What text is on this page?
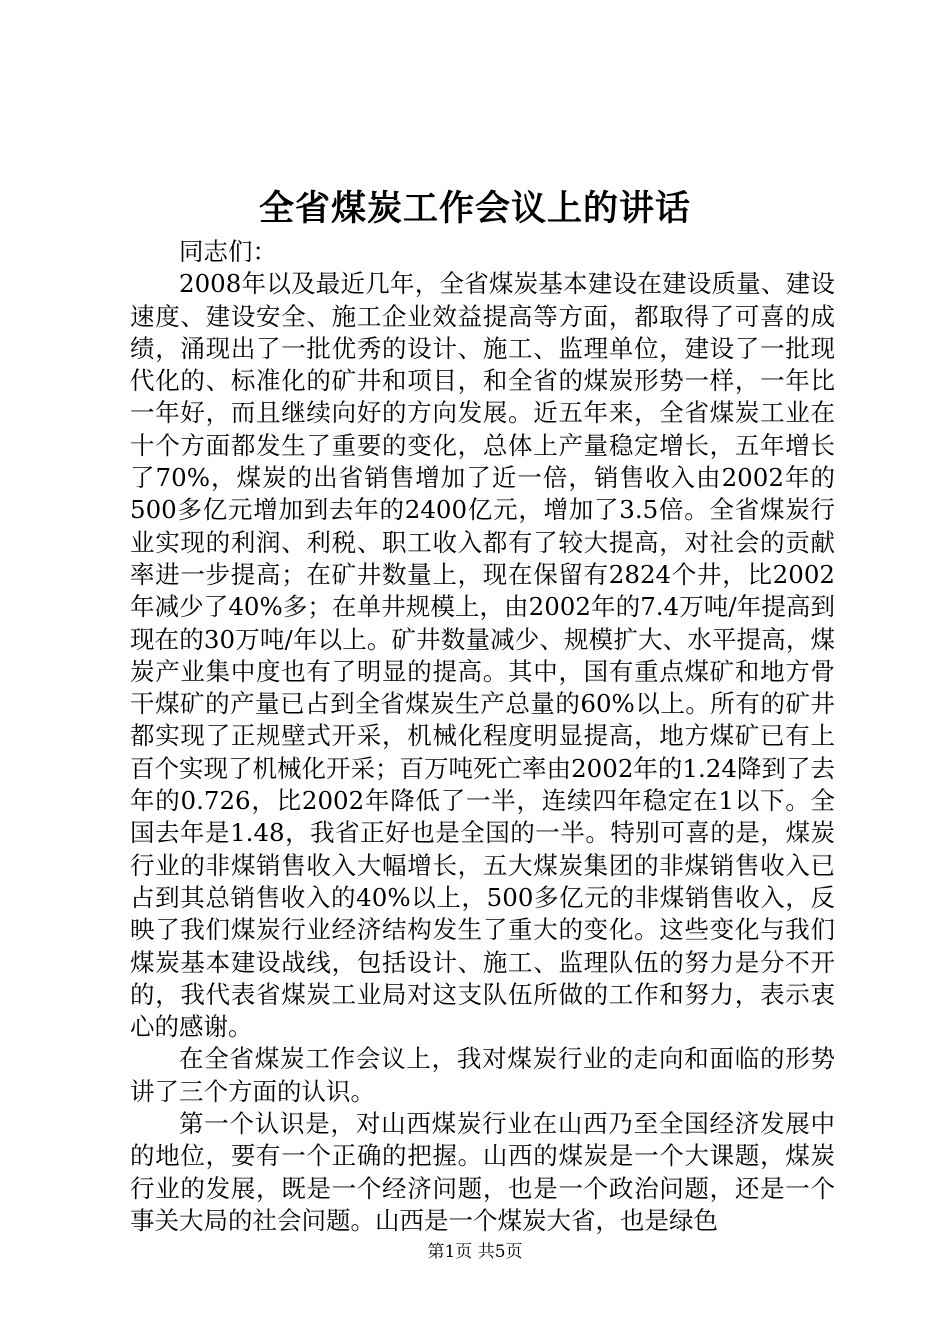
全省煤炭工作会议上的讲话

同志们：

2008年以及最近几年，全省煤炭基本建设在建设质量、建设速度、建设安全、施工企业效益提高等方面，都取得了可喜的成绩，涌现出了一批优秀的设计、施工、监理单位，建设了一批现代化的、标准化的矿井和项目，和全省的煤炭形势一样，一年比一年好，而且继续向好的方向发展。近五年来，全省煤炭工业在十个方面都发生了重要的变化，总体上产量稳定增长，五年增长了70%，煤炭的出省销售增加了近一倍，销售收入由2002年的500多亿元增加到去年的2400亿元，增加了3.5倍。全省煤炭行业实现的利润、利税、职工收入都有了较大提高，对社会的贡献率进一步提高；在矿井数量上，现在保留有2824个井，比2002年减少了40%多；在单井规模上，由2002年的7.4万吨/年提高到现在的30万吨/年以上。矿井数量减少、规模扩大、水平提高，煤炭产业集中度也有了明显的提高。其中，国有重点煤矿和地方骨干煤矿的产量已占到全省煤炭生产总量的60%以上。所有的矿井都实现了正规壁式开采，机械化程度明显提高，地方煤矿已有上百个实现了机械化开采；百万吨死亡率由2002年的1.24降到了去年的0.726，比2002年降低了一半，连续四年稳定在1以下。全国去年是1.48，我省正好也是全国的一半。特别可喜的是，煤炭行业的非煤销售收入大幅增长，五大煤炭集团的非煤销售收入已占到其总销售收入的40%以上，500多亿元的非煤销售收入，反映了我们煤炭行业经济结构发生了重大的变化。这些变化与我们煤炭基本建设战线，包括设计、施工、监理队伍的努力是分不开的，我代表省煤炭工业局对这支队伍所做的工作和努力，表示衷心的感谢。

在全省煤炭工作会议上，我对煤炭行业的走向和面临的形势讲了三个方面的认识。

第一个认识是，对山西煤炭行业在山西乃至全国经济发展中的地位，要有一个正确的把握。山西的煤炭是一个大课题，煤炭行业的发展，既是一个经济问题，也是一个政治问题，还是一个事关大局的社会问题。山西是一个煤炭大省，也是绿色

第1页 共5页
